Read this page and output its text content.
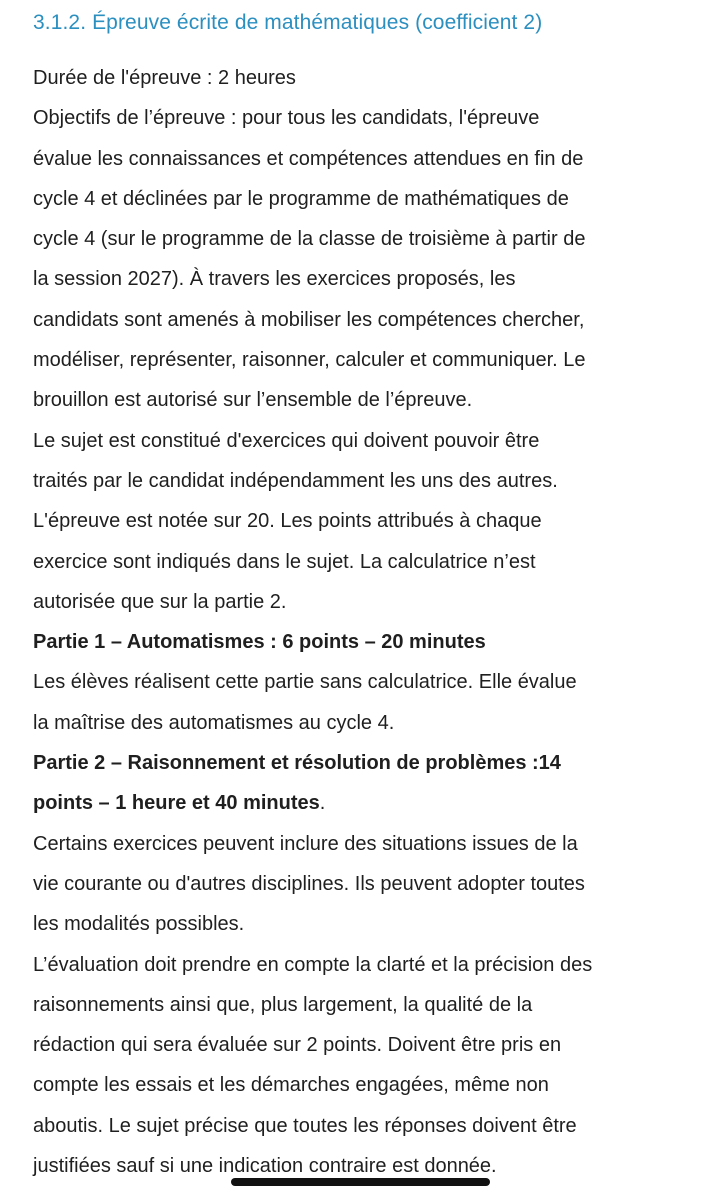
3.1.2. Épreuve écrite de mathématiques (coefficient 2)

Durée de l'épreuve : 2 heures

Objectifs de l’épreuve : pour tous les candidats, l'épreuve
évalue les connaissances et compétences attendues en fin de
cycle 4 et déclinées par le programme de mathématiques de
cycle 4 (sur le programme de la classe de troisième à partir de
la session 2027). À travers les exercices proposés, les
candidats sont amenés à mobiliser les compétences chercher,
modéliser, représenter, raisonner, calculer et communiquer. Le
brouillon est autorisé sur l’ensemble de l’épreuve.

Le sujet est constitué d'exercices qui doivent pouvoir être
traités par le candidat indépendamment les uns des autres.

L'épreuve est notée sur 20. Les points attribués à chaque
exercice sont indiqués dans le sujet. La calculatrice n’est
autorisée que sur la partie 2.

Partie 1 – Automatismes : 6 points – 20 minutes
Les élèves réalisent cette partie sans calculatrice. Elle évalue
la maîtrise des automatismes au cycle 4.

Partie 2 – Raisonnement et résolution de problèmes :14
points – 1 heure et 40 minutes.
Certains exercices peuvent inclure des situations issues de la
vie courante ou d'autres disciplines. Ils peuvent adopter toutes
les modalités possibles.

L’évaluation doit prendre en compte la clarté et la précision des
raisonnements ainsi que, plus largement, la qualité de la
rédaction qui sera évaluée sur 2 points. Doivent être pris en
compte les essais et les démarches engagées, même non
aboutis. Le sujet précise que toutes les réponses doivent être
justifiées sauf si une indication contraire est donnée.
